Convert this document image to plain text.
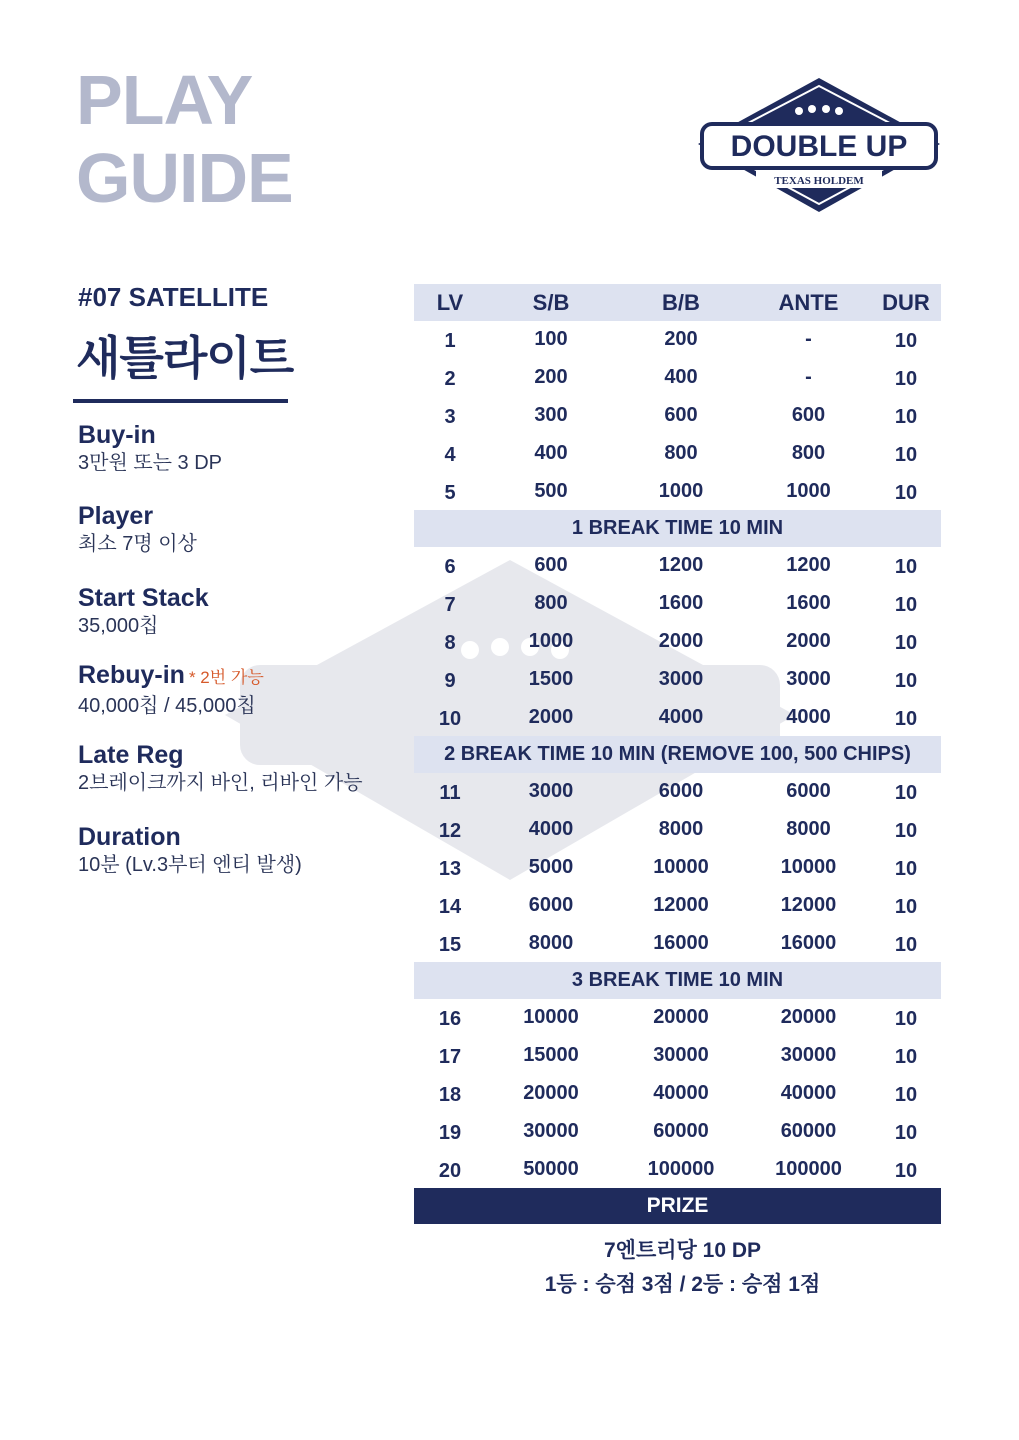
PLAY
GUIDE	DOUBLE UP
TEXAS HOLDEM
#07 SATELLITE
새틀라이트
Buy-in
3만원 또는 3 DP
Player
최소 7명 이상
Start Stack
35,000칩
Rebuy-in * 2번 가능
40,000칩 / 45,000칩
Late Reg
2브레이크까지 바인, 리바인 가능
Duration
10분 (Lv.3부터 엔티 발생)
LV	S/B	B/B	ANTE	DUR
1	100	200	-	10
2	200	400	-	10
3	300	600	600	10
4	400	800	800	10
5	500	1000	1000	10
1 BREAK TIME 10 MIN
6	600	1200	1200	10
7	800	1600	1600	10
8	1000	2000	2000	10
9	1500	3000	3000	10
10	2000	4000	4000	10
2 BREAK TIME 10 MIN (REMOVE 100, 500 CHIPS)
11	3000	6000	6000	10
12	4000	8000	8000	10
13	5000	10000	10000	10
14	6000	12000	12000	10
15	8000	16000	16000	10
3 BREAK TIME 10 MIN
16	10000	20000	20000	10
17	15000	30000	30000	10
18	20000	40000	40000	10
19	30000	60000	60000	10
20	50000	100000	100000	10
PRIZE
7엔트리당 10 DP
1등 : 승점 3점 / 2등 : 승점 1점
